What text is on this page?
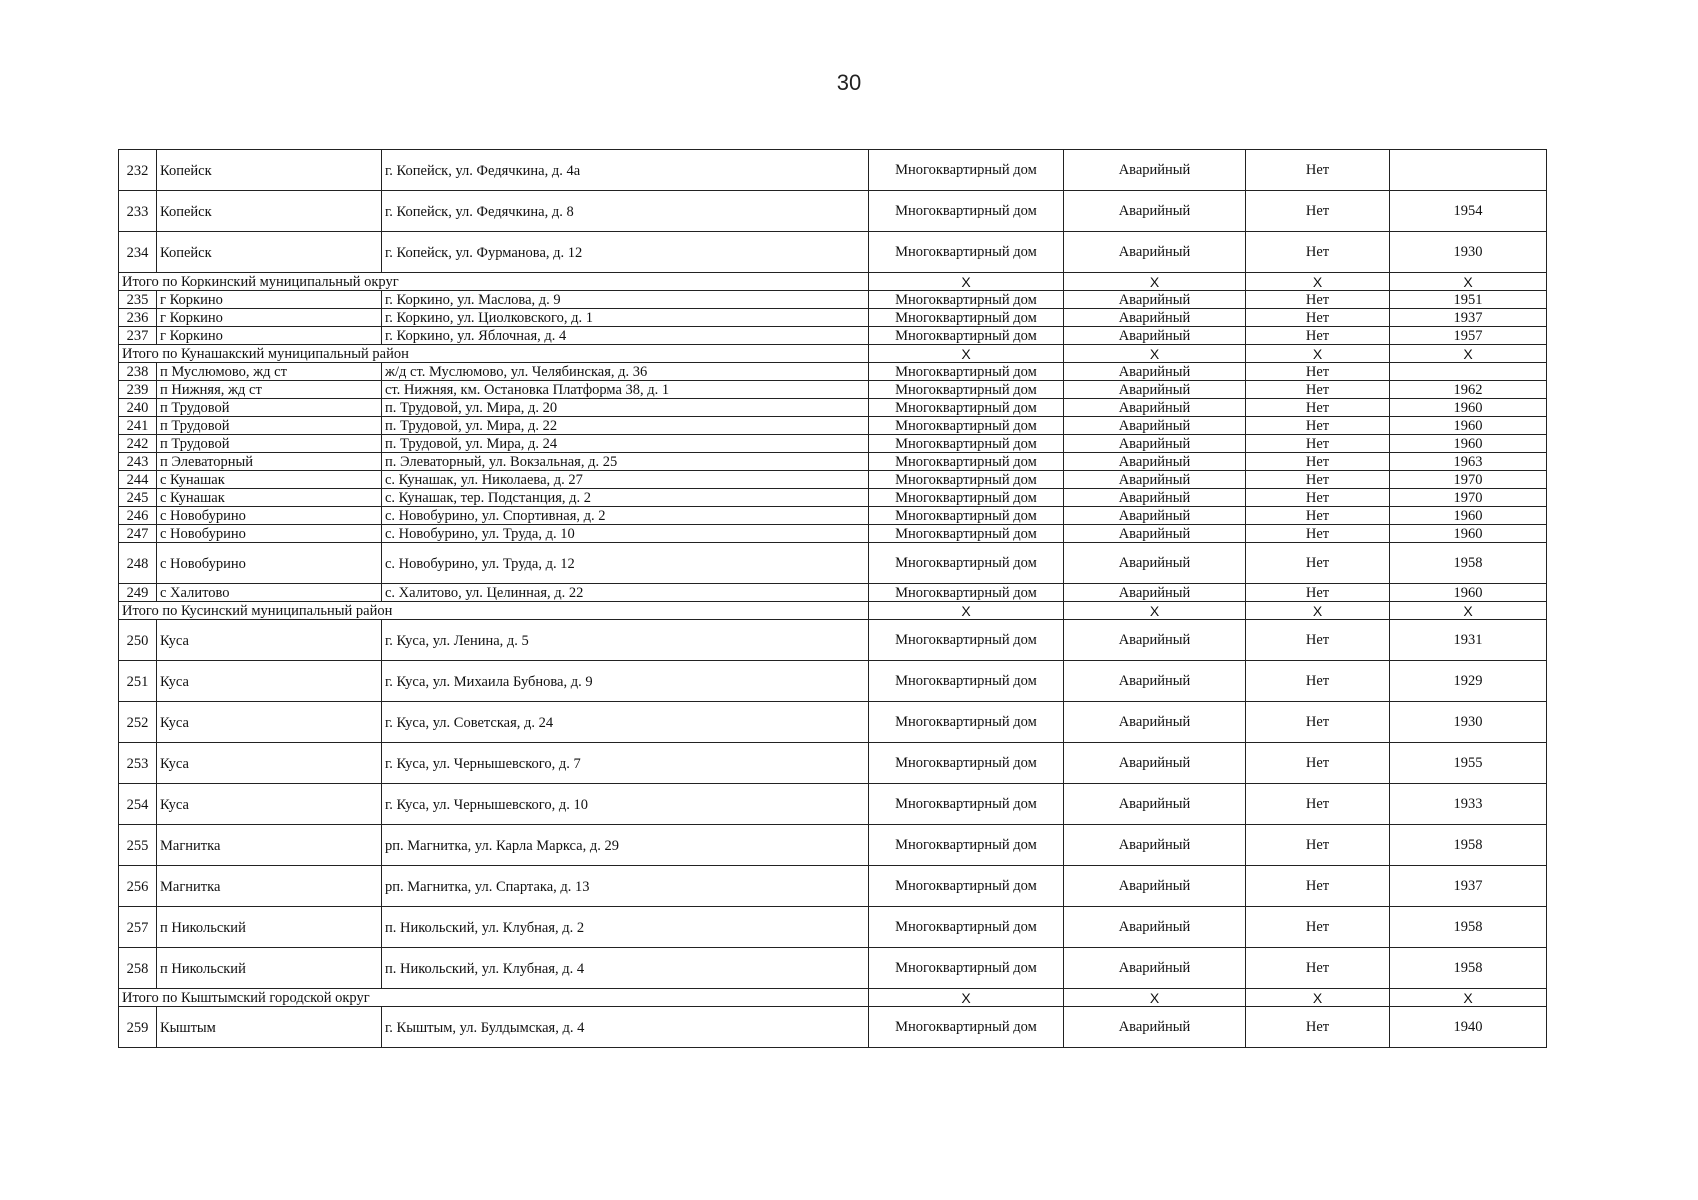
30
232	Копейск	г. Копейск, ул. Федячкина, д. 4а	Многоквартирный дом	Аварийный	Нет	
233	Копейск	г. Копейск, ул. Федячкина, д. 8	Многоквартирный дом	Аварийный	Нет	1954
234	Копейск	г. Копейск, ул. Фурманова, д. 12	Многоквартирный дом	Аварийный	Нет	1930
Итого по Коркинский муниципальный округ			X	X	X	X
235	г Коркино	г. Коркино, ул. Маслова, д. 9	Многоквартирный дом	Аварийный	Нет	1951
236	г Коркино	г. Коркино, ул. Циолковского, д. 1	Многоквартирный дом	Аварийный	Нет	1937
237	г Коркино	г. Коркино, ул. Яблочная, д. 4	Многоквартирный дом	Аварийный	Нет	1957
Итого по Кунашакский муниципальный район			X	X	X	X
238	п Муслюмово, жд ст	ж/д ст. Муслюмово, ул. Челябинская, д. 36	Многоквартирный дом	Аварийный	Нет	
239	п Нижняя, жд ст	ст. Нижняя, км. Остановка Платформа 38, д. 1	Многоквартирный дом	Аварийный	Нет	1962
240	п Трудовой	п. Трудовой, ул. Мира, д. 20	Многоквартирный дом	Аварийный	Нет	1960
241	п Трудовой	п. Трудовой, ул. Мира, д. 22	Многоквартирный дом	Аварийный	Нет	1960
242	п Трудовой	п. Трудовой, ул. Мира, д. 24	Многоквартирный дом	Аварийный	Нет	1960
243	п Элеваторный	п. Элеваторный, ул. Вокзальная, д. 25	Многоквартирный дом	Аварийный	Нет	1963
244	с Кунашак	с. Кунашак, ул. Николаева, д. 27	Многоквартирный дом	Аварийный	Нет	1970
245	с Кунашак	с. Кунашак, тер. Подстанция, д. 2	Многоквартирный дом	Аварийный	Нет	1970
246	с Новобурино	с. Новобурино, ул. Спортивная, д. 2	Многоквартирный дом	Аварийный	Нет	1960
247	с Новобурино	с. Новобурино, ул. Труда, д. 10	Многоквартирный дом	Аварийный	Нет	1960
248	с Новобурино	с. Новобурино, ул. Труда, д. 12	Многоквартирный дом	Аварийный	Нет	1958
249	с Халитово	с. Халитово, ул. Целинная, д. 22	Многоквартирный дом	Аварийный	Нет	1960
Итого по Кусинский муниципальный район			X	X	X	X
250	Куса	г. Куса, ул. Ленина, д. 5	Многоквартирный дом	Аварийный	Нет	1931
251	Куса	г. Куса, ул. Михаила Бубнова, д. 9	Многоквартирный дом	Аварийный	Нет	1929
252	Куса	г. Куса, ул. Советская, д. 24	Многоквартирный дом	Аварийный	Нет	1930
253	Куса	г. Куса, ул. Чернышевского, д. 7	Многоквартирный дом	Аварийный	Нет	1955
254	Куса	г. Куса, ул. Чернышевского, д. 10	Многоквартирный дом	Аварийный	Нет	1933
255	Магнитка	рп. Магнитка, ул. Карла Маркса, д. 29	Многоквартирный дом	Аварийный	Нет	1958
256	Магнитка	рп. Магнитка, ул. Спартака, д. 13	Многоквартирный дом	Аварийный	Нет	1937
257	п Никольский	п. Никольский, ул. Клубная, д. 2	Многоквартирный дом	Аварийный	Нет	1958
258	п Никольский	п. Никольский, ул. Клубная, д. 4	Многоквартирный дом	Аварийный	Нет	1958
Итого по Кыштымский городской округ			X	X	X	X
259	Кыштым	г. Кыштым, ул. Булдымская, д. 4	Многоквартирный дом	Аварийный	Нет	1940
